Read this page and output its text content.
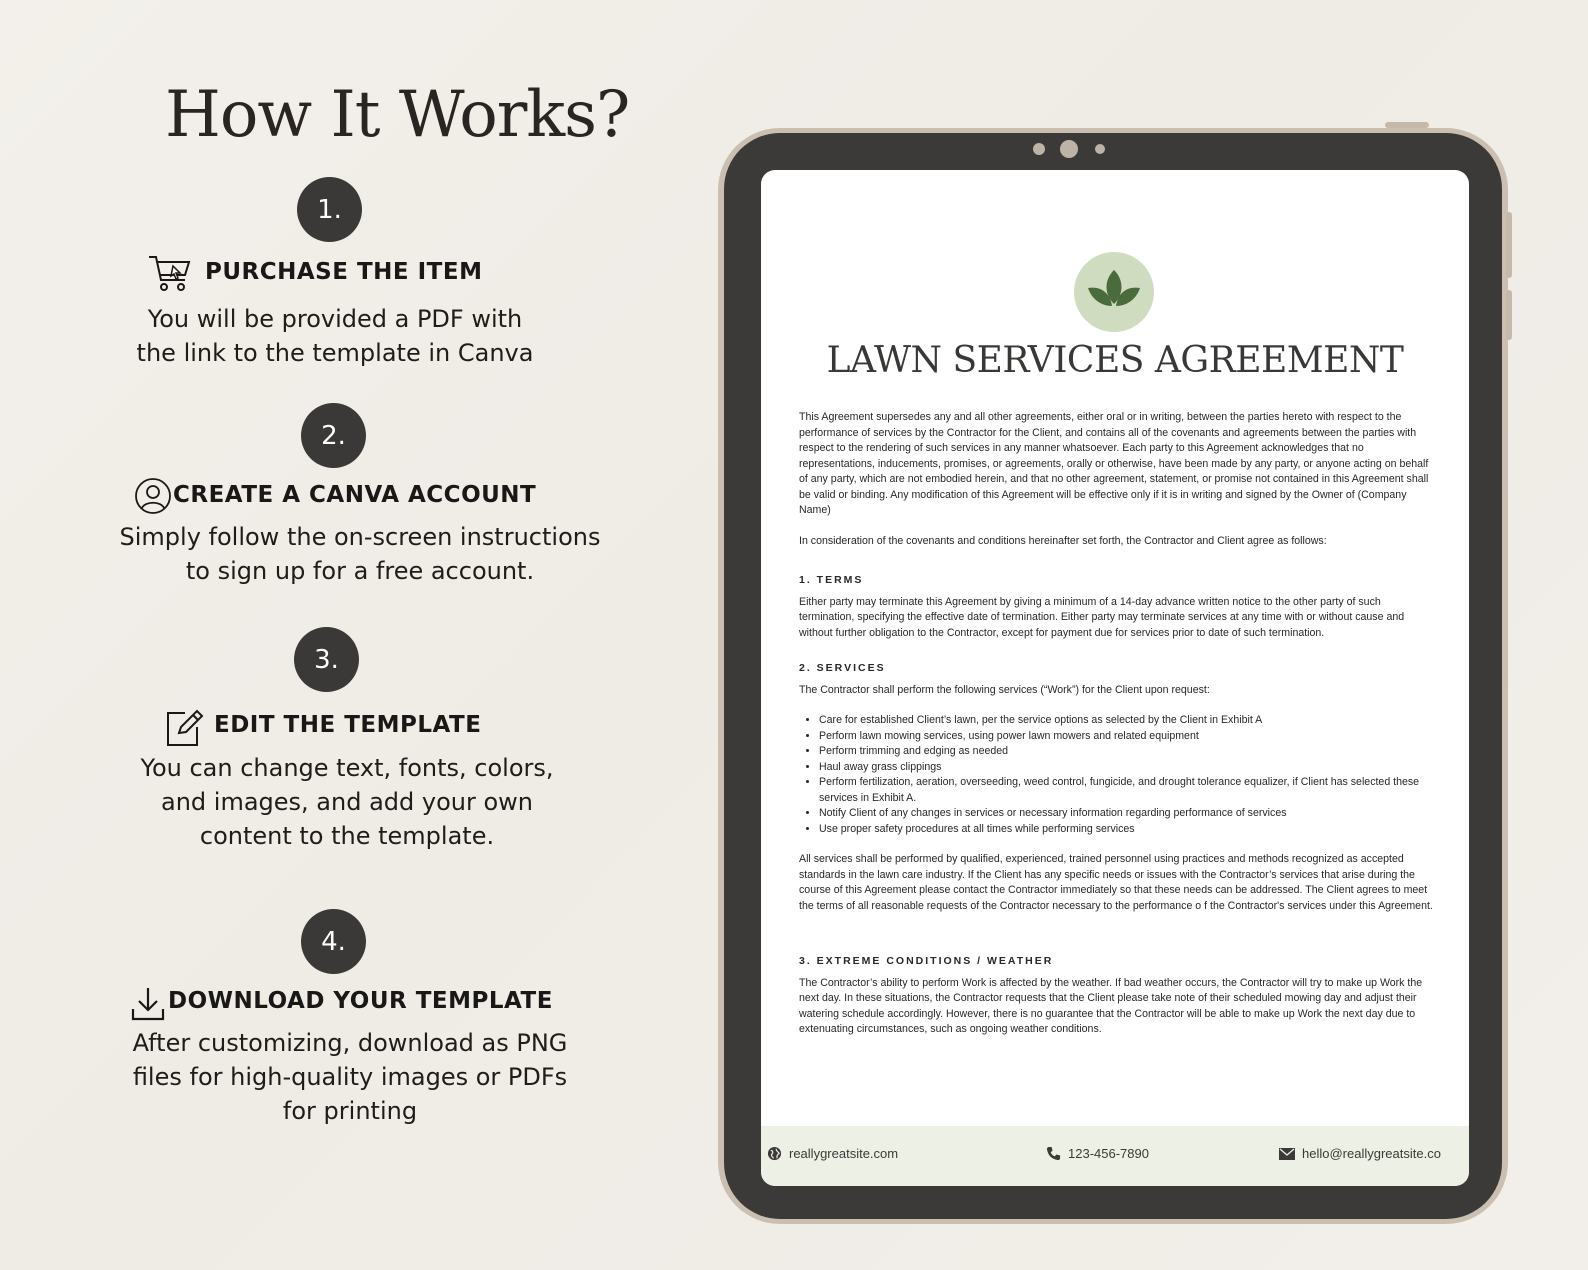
How It Works?
1.
PURCHASE THE ITEM
You will be provided a PDF with
the link to the template in Canva
2.
CREATE A CANVA ACCOUNT
Simply follow the on-screen instructions
to sign up for a free account.
3.
EDIT THE TEMPLATE
You can change text, fonts, colors,
and images, and add your own
content to the template.
4.
DOWNLOAD YOUR TEMPLATE
After customizing, download as PNG
files for high-quality images or PDFs
for printing
LAWN SERVICES AGREEMENT

This Agreement supersedes any and all other agreements, either oral or in writing, between the parties hereto with respect to the performance of services by the Contractor for the Client, and contains all of the covenants and agreements between the parties with respect to the rendering of such services in any manner whatsoever. Each party to this Agreement acknowledges that no representations, inducements, promises, or agreements, orally or otherwise, have been made by any party, or anyone acting on behalf of any party, which are not embodied herein, and that no other agreement, statement, or promise not contained in this Agreement shall be valid or binding. Any modification of this Agreement will be effective only if it is in writing and signed by the Owner of (Company Name)

In consideration of the covenants and conditions hereinafter set forth, the Contractor and Client agree as follows:

1. TERMS

Either party may terminate this Agreement by giving a minimum of a 14-day advance written notice to the other party of such termination, specifying the effective date of termination. Either party may terminate services at any time with or without cause and without further obligation to the Contractor, except for payment due for services prior to date of such termination.

2. SERVICES

The Contractor shall perform the following services (“Work”) for the Client upon request:

• Care for established Client’s lawn, per the service options as selected by the Client in Exhibit A
• Perform lawn mowing services, using power lawn mowers and related equipment
• Perform trimming and edging as needed
• Haul away grass clippings
• Perform fertilization, aeration, overseeding, weed control, fungicide, and drought tolerance equalizer, if Client has selected these services in Exhibit A.
• Notify Client of any changes in services or necessary information regarding performance of services
• Use proper safety procedures at all times while performing services

All services shall be performed by qualified, experienced, trained personnel using practices and methods recognized as accepted standards in the lawn care industry. If the Client has any specific needs or issues with the Contractor’s services that arise during the course of this Agreement please contact the Contractor immediately so that these needs can be addressed. The Client agrees to meet the terms of all reasonable requests of the Contractor necessary to the performance o f the Contractor's services under this Agreement.

3. EXTREME CONDITIONS / WEATHER

The Contractor’s ability to perform Work is affected by the weather. If bad weather occurs, the Contractor will try to make up Work the next day. In these situations, the Contractor requests that the Client please take note of their scheduled mowing day and adjust their watering schedule accordingly. However, there is no guarantee that the Contractor will be able to make up Work the next day due to extenuating circumstances, such as ongoing weather conditions.

reallygreatsite.com	123-456-7890	hello@reallygreatsite.co
